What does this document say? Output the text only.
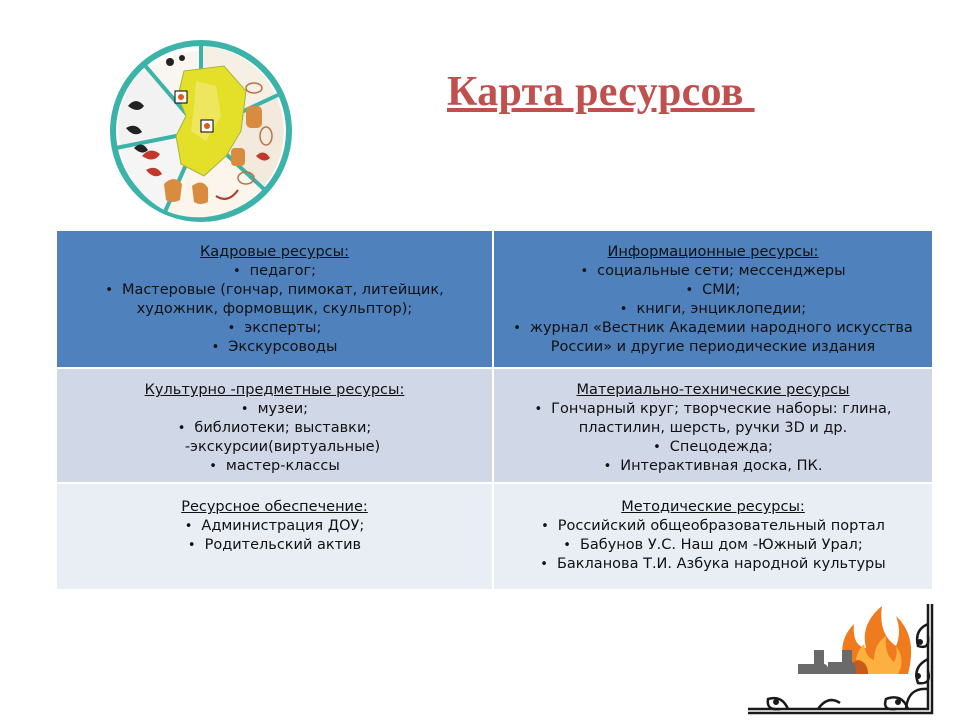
Карта ресурсов
Кадровые ресурсы:
• педагог;
• Мастеровые (гончар, пимокат, литейщик,
художник, формовщик, скульптор);
• эксперты;
• Экскурсоводы
Информационные ресурсы:
• социальные сети; мессенджеры
• СМИ;
• книги, энциклопедии;
• журнал «Вестник Академии народного искусства
России» и другие периодические издания
Культурно -предметные ресурсы:
• музеи;
• библиотеки; выставки;
-экскурсии(виртуальные)
• мастер-классы
Материально-технические ресурсы
• Гончарный круг; творческие наборы: глина,
пластилин, шерсть, ручки 3D и др.
• Спецодежда;
• Интерактивная доска, ПК.
Ресурсное обеспечение:
• Администрация ДОУ;
• Родительский актив
Методические ресурсы:
• Российский общеобразовательный портал
• Бабунов У.С. Наш дом -Южный Урал;
• Бакланова Т.И. Азбука народной культуры
